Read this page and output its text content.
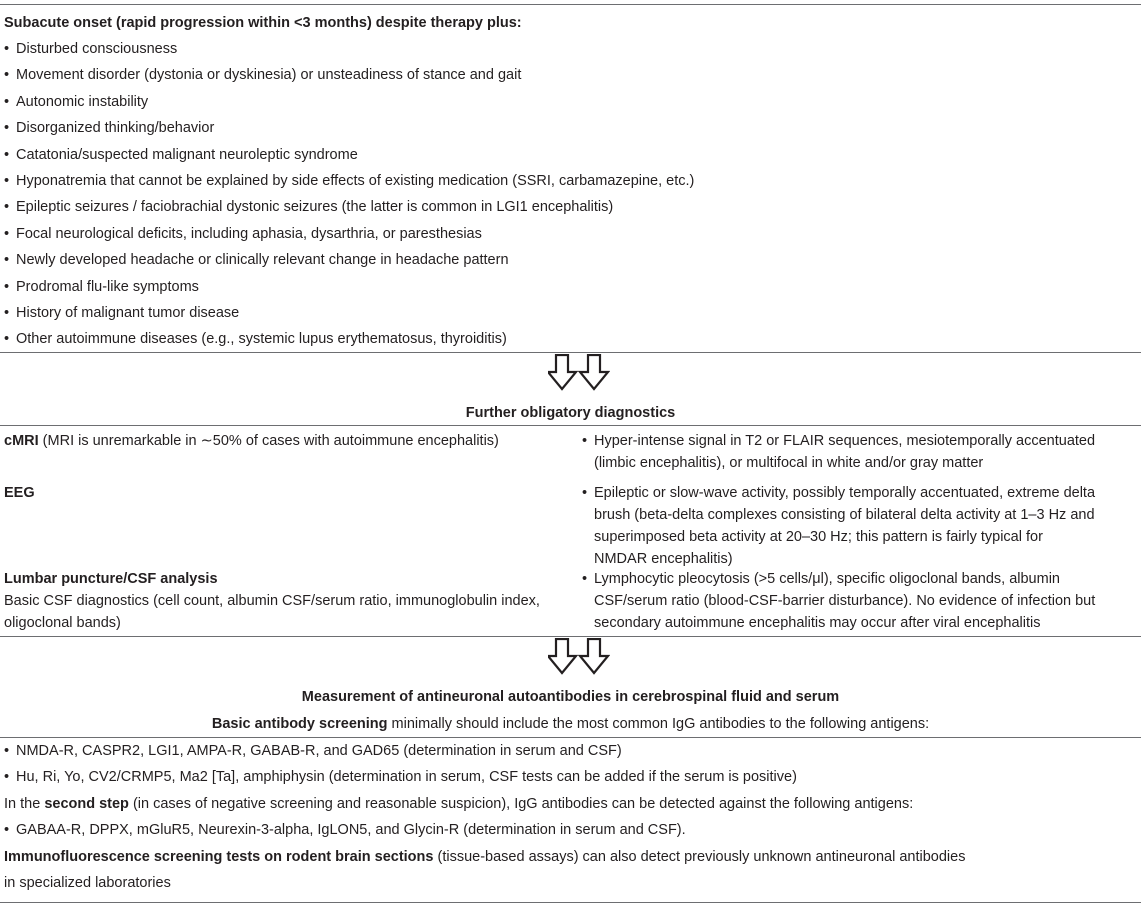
Subacute onset (rapid progression within <3 months) despite therapy plus:
• Disturbed consciousness
• Movement disorder (dystonia or dyskinesia) or unsteadiness of stance and gait
• Autonomic instability
• Disorganized thinking/behavior
• Catatonia/suspected malignant neuroleptic syndrome
• Hyponatremia that cannot be explained by side effects of existing medication (SSRI, carbamazepine, etc.)
• Epileptic seizures / faciobrachial dystonic seizures (the latter is common in LGI1 encephalitis)
• Focal neurological deficits, including aphasia, dysarthria, or paresthesias
• Newly developed headache or clinically relevant change in headache pattern
• Prodromal flu-like symptoms
• History of malignant tumor disease
• Other autoimmune diseases (e.g., systemic lupus erythematosus, thyroiditis)
Further obligatory diagnostics
cMRI (MRI is unremarkable in ∼50% of cases with autoimmune encephalitis)	• Hyper-intense signal in T2 or FLAIR sequences, mesiotemporally accentuated
(limbic encephalitis), or multifocal in white and/or gray matter
EEG	• Epileptic or slow-wave activity, possibly temporally accentuated, extreme delta
brush (beta-delta complexes consisting of bilateral delta activity at 1–3 Hz and
superimposed beta activity at 20–30 Hz; this pattern is fairly typical for
NMDAR encephalitis)
Lumbar puncture/CSF analysis
Basic CSF diagnostics (cell count, albumin CSF/serum ratio, immunoglobulin index,
oligoclonal bands)
• Lymphocytic pleocytosis (>5 cells/μl), specific oligoclonal bands, albumin
CSF/serum ratio (blood-CSF-barrier disturbance). No evidence of infection but
secondary autoimmune encephalitis may occur after viral encephalitis
Measurement of antineuronal autoantibodies in cerebrospinal fluid and serum
Basic antibody screening minimally should include the most common IgG antibodies to the following antigens:
• NMDA-R, CASPR2, LGI1, AMPA-R, GABAB-R, and GAD65 (determination in serum and CSF)
• Hu, Ri, Yo, CV2/CRMP5, Ma2 [Ta], amphiphysin (determination in serum, CSF tests can be added if the serum is positive)
In the second step (in cases of negative screening and reasonable suspicion), IgG antibodies can be detected against the following antigens:
• GABAA-R, DPPX, mGluR5, Neurexin-3-alpha, IgLON5, and Glycin-R (determination in serum and CSF).
Immunofluorescence screening tests on rodent brain sections (tissue-based assays) can also detect previously unknown antineuronal antibodies
in specialized laboratories
